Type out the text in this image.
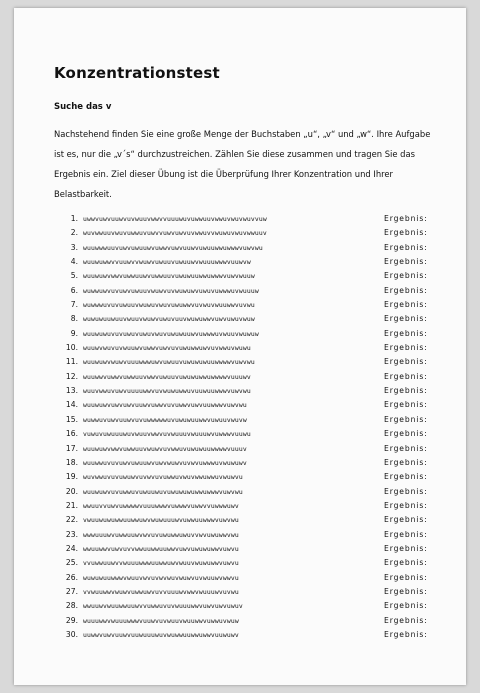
Konzentrationstest
Suche das v

Nachstehend finden Sie eine große Menge der Buchstaben „u“, „v“ und „w“. Ihre Aufgabe ist es, nur die „v´s“ durchzustreichen. Zählen Sie diese zusammen und tragen Sie das Ergebnis ein. Ziel dieser Übung ist die Überprüfung Ihrer Konzentration und Ihrer Belastbarkeit.

1. uwwvuwvuuwvuvwuuvwwvvuuuwuvuwwuuvwwuvwuvwuvvuw	Ergebnis:
2. wuvwwuuvwuvuwwuvuwvvuwvuwvuvwwuvvwuwuvwuvwwuuv	Ergebnis:
3. wuuwwwuuvuwvuwuuwvuwwvuwvuuwvuwuuwwuwwwvuwvwu	Ergebnis:
4. wuuwuwwvvuuwvvwuwvuwuuvuwuuwvwuuuwwwvuuwvw	Ergebnis:
5. wuuwuwvwwvuwwuuwvuwwuuvuwuwuuwwuwwwvuwvwuuw	Ergebnis:
6. wuwwuwvuvuwvuwuuvwuwvuvwuwuwvuwuvuwwwuvwuuuw	Ergebnis:
7. wuwwwuvuvuwuuvwuwuvwuvuwuwwvuvwuvwuuwwvuvwu	Ergebnis:
8. wuwuwuuwuuvwuuvwuwvuwuvuuvwuwuwwvuwvuwuvwuw	Ergebnis:
9. wuuwuwuvuvuwuvuwuvwuvuwuwuuwvuwwwuvwuuvwuwuw	Ergebnis:
10. wuuwvwuvuvwuuwvuwwvuwvuvuwuwwuwvuvwwuvwuwu	Ergebnis:
11. wuuwuwvwuwvuuuwwwuwvuwuuvuwuwuwuuwwwwvuwvwu	Ergebnis:
12. wuuwwvuwwvuwwuuvwwvuwuuvuwuwuwwuwwwwvuuuwv	Ergebnis:
13. wuuvwwuvuwvuuuuwwvuvwuwuwwuvuuwuuwwwvuwvwu	Ergebnis:
14. wuuwuwvuwvuwvuuwvuwwvuvuwwvuwvuuwwwvuwvwu	Ergebnis:
15. wuwwuvuwvuuwvuvuwwwwwuvuwuwuuwwvuwuuvwuvw	Ergebnis:
16. vuwuvuwuuuwuvwuuvwwvuvwuuuvwuuuwvuwwwvuuwu	Ergebnis:
17. wuuwuwvwwvuwwuuvwuwvuvwwuvuwuwuuwwwwvuuuv	Ergebnis:
18. wuuwwuvuvuwvuwuuwvuwvwuwvuvwvuwwwuvwuwuwv	Ergebnis:
19. wuvwwuvuvuwuwvuvwvuvuwwuvwuvwwuwwuvwuwvu	Ergebnis:
20. wuuwuwvuvuwwuvuwuuwuvuwuwuwuwwuwwwvuwvwu	Ergebnis:
21. wwuuvvuwvuwwwwvuuuwwwvuwwwvuwwvvuwwwuwv	Ergebnis:
22. vwuuwuwuwwuuwwuwvwuwuuuwvuwwuuwwwvuwvwu	Ergebnis:
23. wwwuuuwvuwwuuwvwvuvuwuwwuwuvvwvuwuwwvwu	Ergebnis:
24. wwuuwwvuwvuvvwwuuwwuuwwvuwvuwuwuwwvuwvu	Ergebnis:
25. vvuwwuuwvvwuuuwwwuuwwuwvwuuvwuwuwwvuwvu	Ergebnis:
26. wuwuwuuwwwvwuuvwvuvwvwuvwuwvuvwuuwvwwvu	Ergebnis:
27. vvwuuwwvwuwvuwwuwvuvvuuuwvwwvwuuuwvuvwu	Ergebnis:
28. wwuuwvwuuwwuuwvvuwwuvuvwuuuwwvuwvuwvuwuv	Ergebnis:
29. wuuuwwvwuuuwwwvuuwvuvwuuvwuuwwvuwwuvwuw	Ergebnis:
30. uuwwvuwvuuwvuuwuuuwuvwuwwuuwwuwwvuuwuwv	Ergebnis:
